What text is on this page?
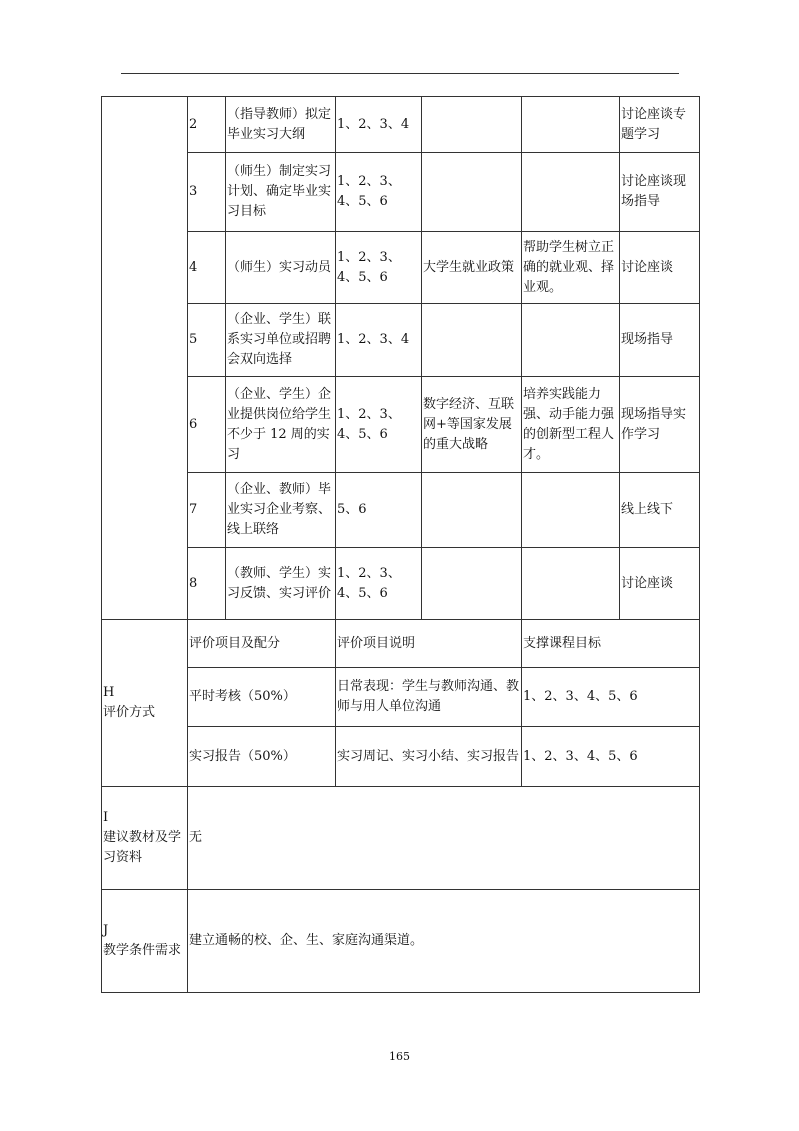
	2	（指导教师）拟定毕业实习大纲	1、2、3、4			讨论座谈专题学习
	3	（师生）制定实习计划、确定毕业实习目标	1、2、3、4、5、6			讨论座谈现场指导
	4	（师生）实习动员	1、2、3、4、5、6	大学生就业政策	帮助学生树立正确的就业观、择业观。	讨论座谈
	5	（企业、学生）联系实习单位或招聘会双向选择	1、2、3、4			现场指导
	6	（企业、学生）企业提供岗位给学生不少于 12 周的实习	1、2、3、4、5、6	数字经济、互联网+等国家发展的重大战略	培养实践能力强、动手能力强的创新型工程人才。	现场指导实作学习
	7	（企业、教师）毕业实习企业考察、线上联络	5、6			线上线下
	8	（教师、学生）实习反馈、实习评价	1、2、3、4、5、6			讨论座谈

H
评价方式	评价项目及配分		评价项目说明		支撑课程目标	
	平时考核（50%）		日常表现：学生与教师沟通、教师与用人单位沟通		1、2、3、4、5、6	
	实习报告（50%）		实习周记、实习小结、实习报告		1、2、3、4、5、6	

I
建议教材及学习资料	无					

J
教学条件需求	建立通畅的校、企、生、家庭沟通渠道。					
165
